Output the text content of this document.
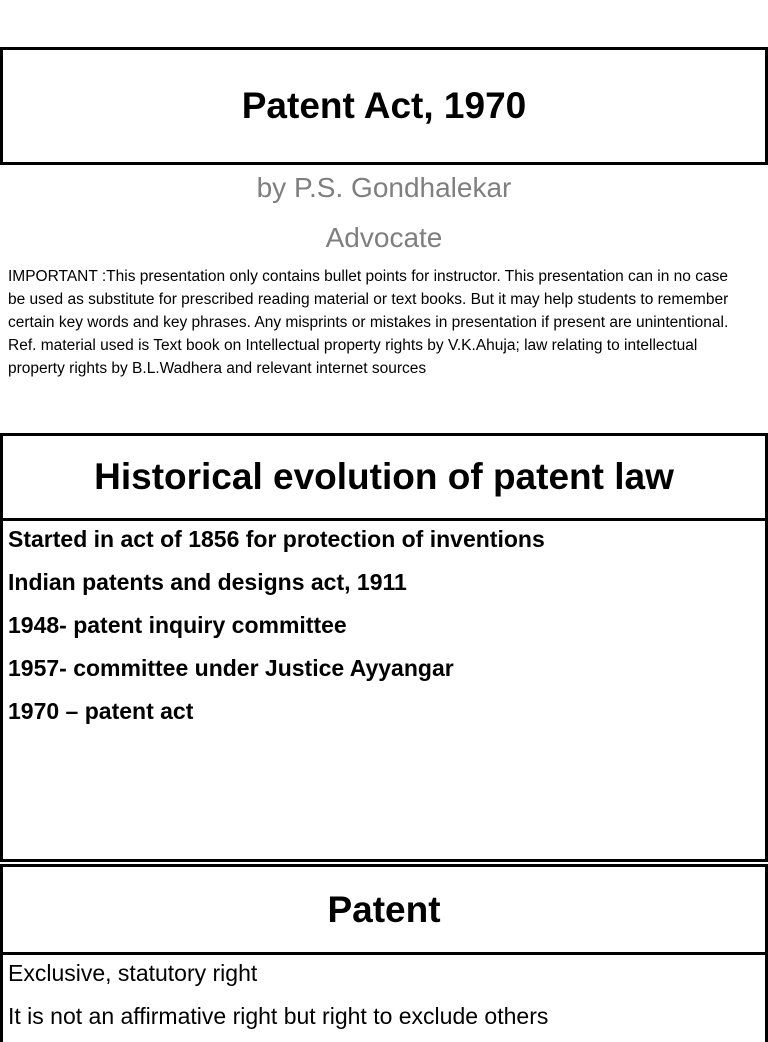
Patent Act, 1970
by P.S. Gondhalekar
Advocate

IMPORTANT :This presentation only contains bullet points for instructor. This presentation can in no case be used as substitute for prescribed reading material or text books. But it may help students to remember certain key words and key phrases. Any misprints or mistakes in presentation if present are unintentional.

Ref. material used is Text book on Intellectual property rights by V.K.Ahuja; law relating to intellectual property rights by B.L.Wadhera and relevant internet sources

Historical evolution of patent law
Started in act of 1856 for protection of inventions
Indian patents and designs act, 1911
1948- patent inquiry committee
1957- committee under Justice Ayyangar
1970 – patent act
Patent
Exclusive, statutory right
It is not an affirmative right but right to exclude others
